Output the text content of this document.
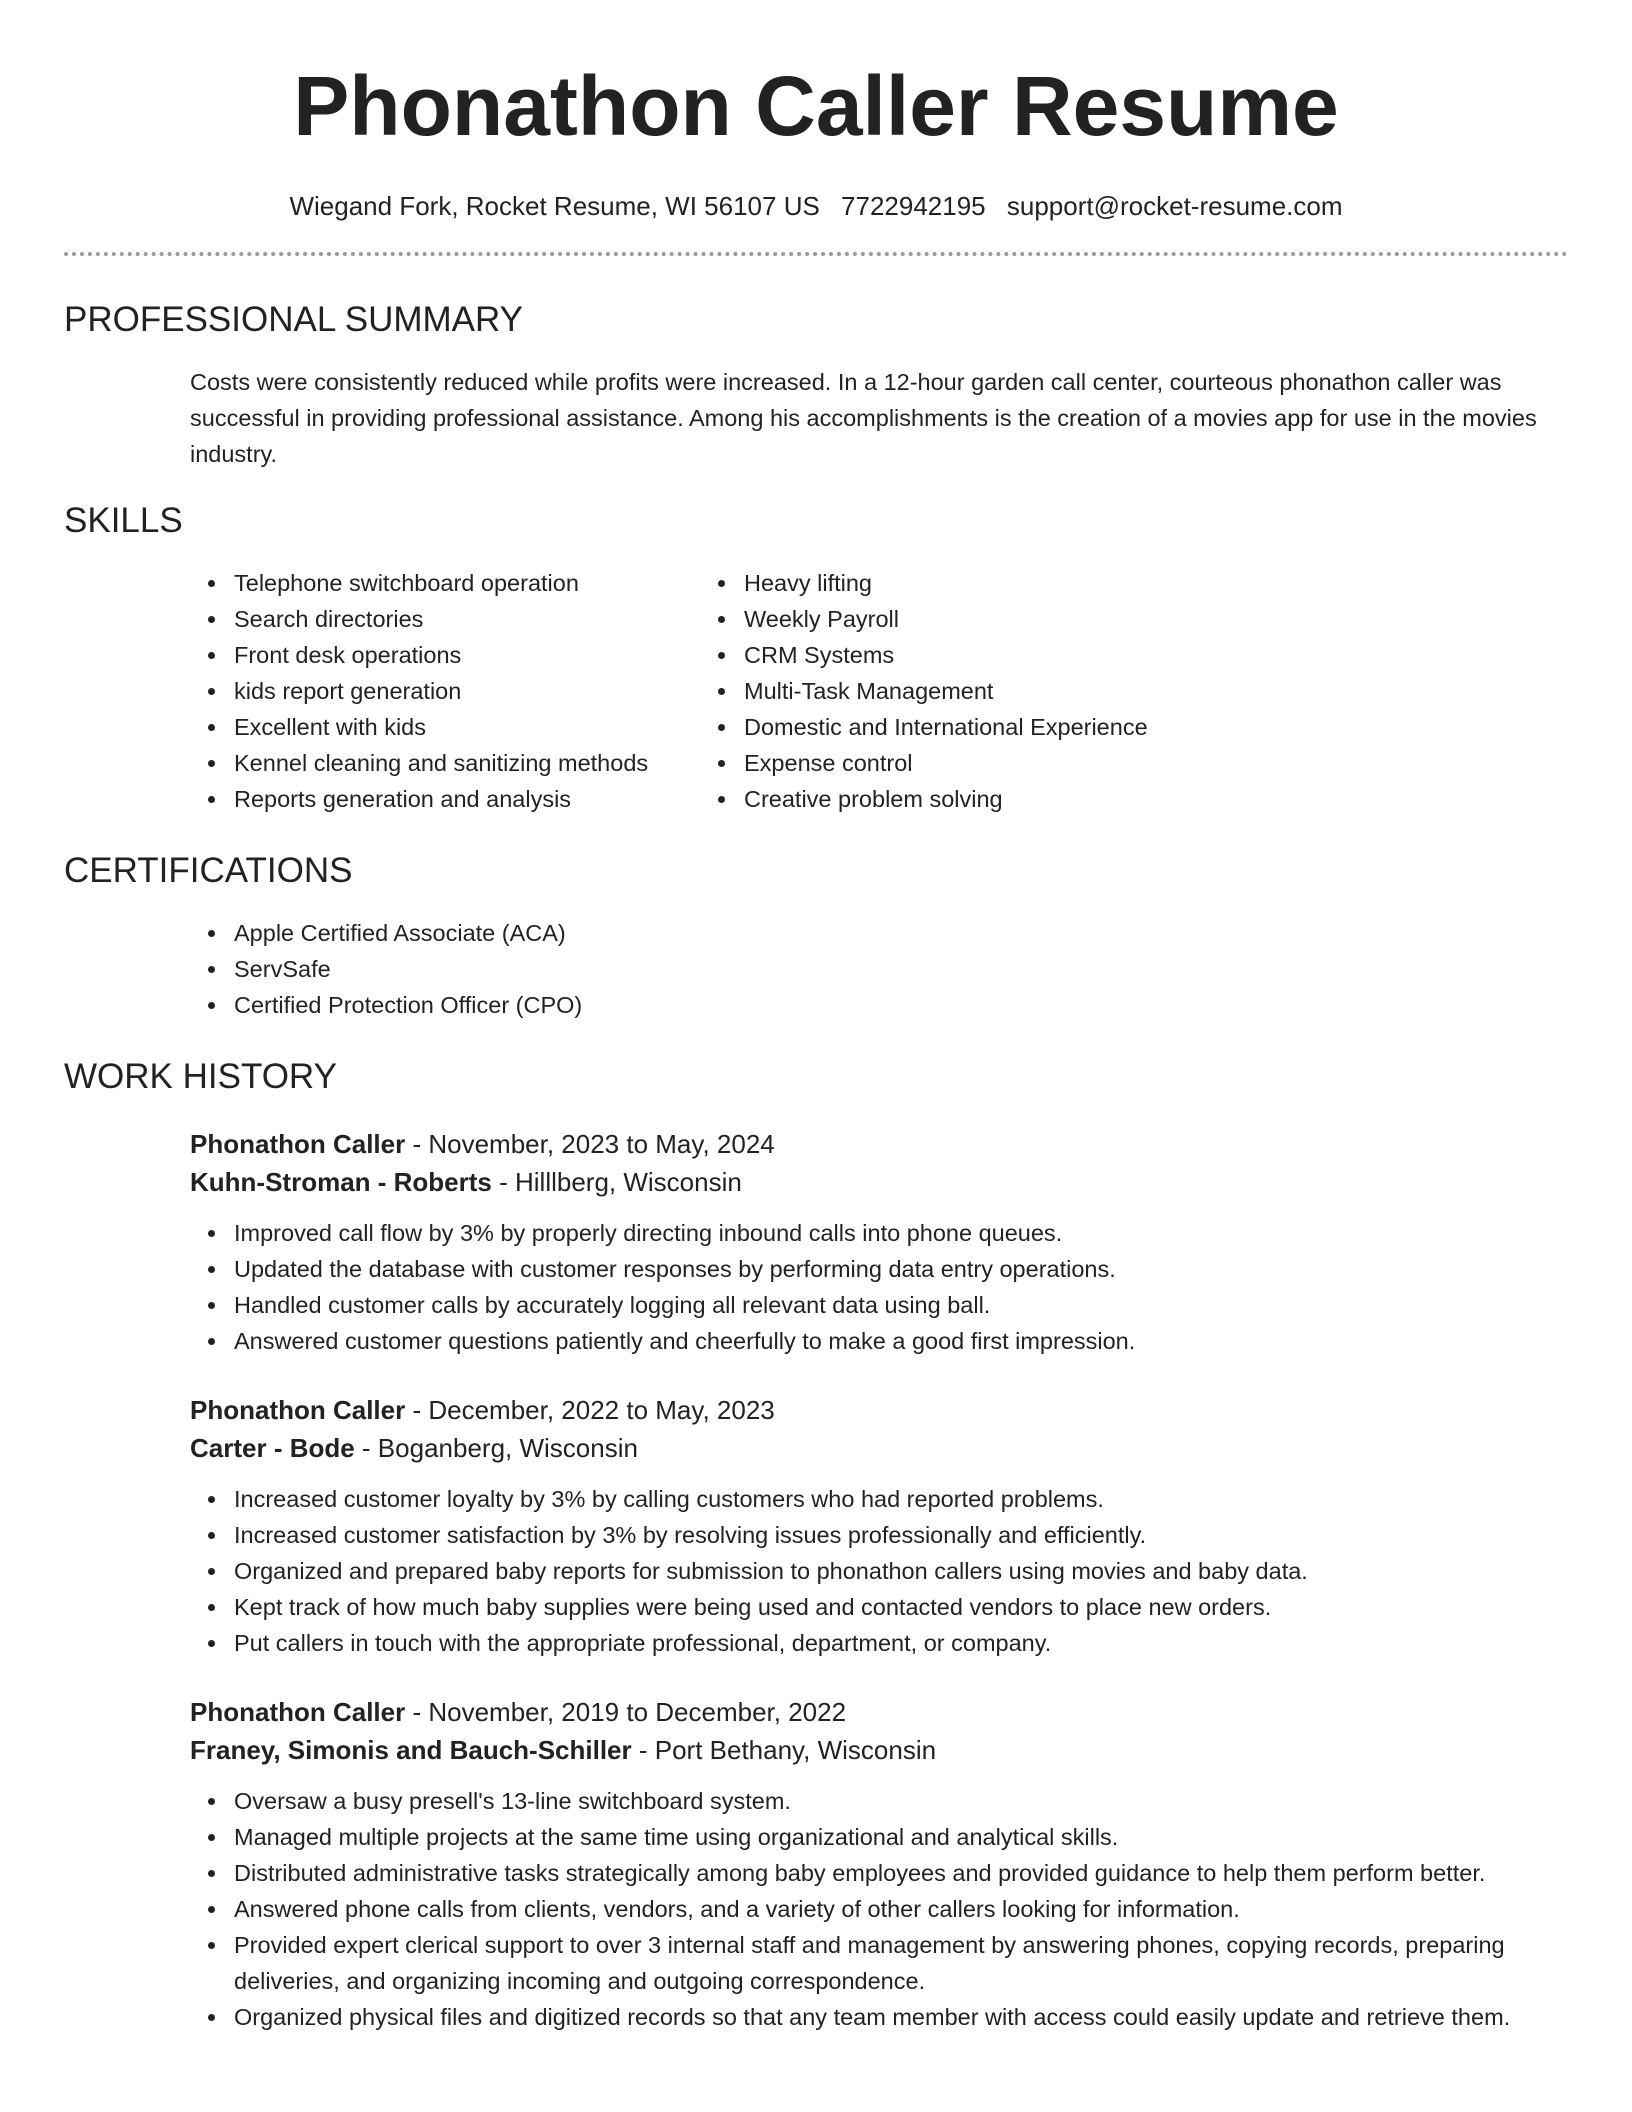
Phonathon Caller Resume
Wiegand Fork, Rocket Resume, WI 56107 US 7722942195 support@rocket-resume.com
PROFESSIONAL SUMMARY

Costs were consistently reduced while profits were increased. In a 12-hour garden call center, courteous phonathon caller was successful in providing professional assistance. Among his accomplishments is the creation of a movies app for use in the movies industry.

SKILLS
Telephone switchboard operation
Search directories
Front desk operations
kids report generation
Excellent with kids
Kennel cleaning and sanitizing methods
Reports generation and analysis
Heavy lifting
Weekly Payroll
CRM Systems
Multi-Task Management
Domestic and International Experience
Expense control
Creative problem solving
CERTIFICATIONS
Apple Certified Associate (ACA)
ServSafe
Certified Protection Officer (CPO)
WORK HISTORY
Phonathon Caller - November, 2023 to May, 2024
Kuhn-Stroman - Roberts - Hilllberg, Wisconsin
Improved call flow by 3% by properly directing inbound calls into phone queues.
Updated the database with customer responses by performing data entry operations.
Handled customer calls by accurately logging all relevant data using ball.
Answered customer questions patiently and cheerfully to make a good first impression.
Phonathon Caller - December, 2022 to May, 2023
Carter - Bode - Boganberg, Wisconsin
Increased customer loyalty by 3% by calling customers who had reported problems.
Increased customer satisfaction by 3% by resolving issues professionally and efficiently.
Organized and prepared baby reports for submission to phonathon callers using movies and baby data.
Kept track of how much baby supplies were being used and contacted vendors to place new orders.
Put callers in touch with the appropriate professional, department, or company.
Phonathon Caller - November, 2019 to December, 2022
Franey, Simonis and Bauch-Schiller - Port Bethany, Wisconsin
Oversaw a busy presell's 13-line switchboard system.
Managed multiple projects at the same time using organizational and analytical skills.
Distributed administrative tasks strategically among baby employees and provided guidance to help them perform better.
Answered phone calls from clients, vendors, and a variety of other callers looking for information.
Provided expert clerical support to over 3 internal staff and management by answering phones, copying records, preparing deliveries, and organizing incoming and outgoing correspondence.
Organized physical files and digitized records so that any team member with access could easily update and retrieve them.
